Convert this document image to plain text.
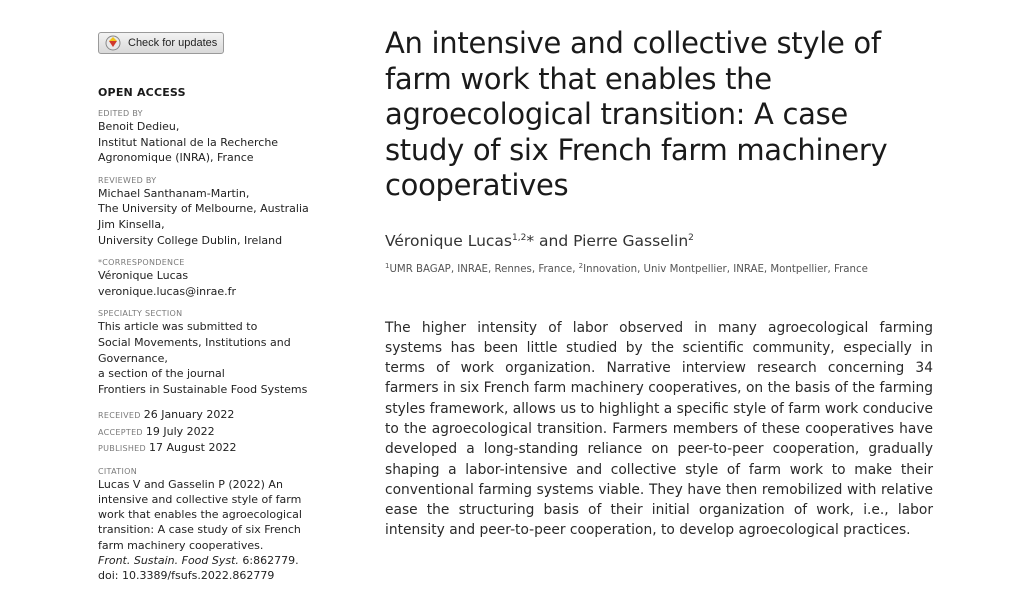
Check for updates
OPEN ACCESS
EDITED BY
Benoit Dedieu,
Institut National de la Recherche
Agronomique (INRA), France
REVIEWED BY
Michael Santhanam-Martin,
The University of Melbourne, Australia
Jim Kinsella,
University College Dublin, Ireland
*CORRESPONDENCE
Véronique Lucas
veronique.lucas@inrae.fr
SPECIALTY SECTION
This article was submitted to
Social Movements, Institutions and
Governance,
a section of the journal
Frontiers in Sustainable Food Systems
RECEIVED 26 January 2022
ACCEPTED 19 July 2022
PUBLISHED 17 August 2022
CITATION
Lucas V and Gasselin P (2022) An
intensive and collective style of farm
work that enables the agroecological
transition: A case study of six French
farm machinery cooperatives.
Front. Sustain. Food Syst. 6:862779.
doi: 10.3389/fsufs.2022.862779
An intensive and collective style of farm work that enables the agroecological transition: A case study of six French farm machinery cooperatives
Véronique Lucas$^{1,2}$* and Pierre Gasselin$^2$
$^1$UMR BAGAP, INRAE, Rennes, France, $^2$Innovation, Univ Montpellier, INRAE, Montpellier, France

The higher intensity of labor observed in many agroecological farming systems has been little studied by the scientific community, especially in terms of work organization. Narrative interview research concerning 34 farmers in six French farm machinery cooperatives, on the basis of the farming styles framework, allows us to highlight a specific style of farm work conducive to the agroecological transition. Farmers members of these cooperatives have developed a long-standing reliance on peer-to-peer cooperation, gradually shaping a labor-intensive and collective style of farm work to make their conventional farming systems viable. They have then remobilized with relative ease the structuring basis of their initial organization of work, i.e., labor intensity and peer-to-peer cooperation, to develop agroecological practices.
